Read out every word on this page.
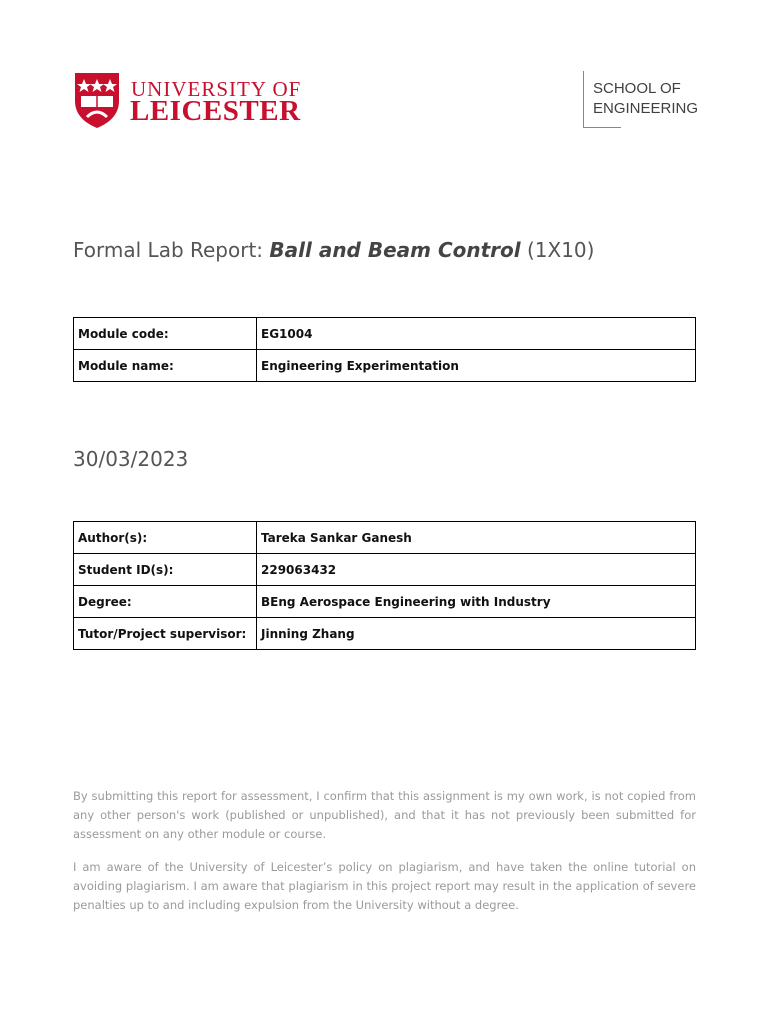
UNIVERSITY OF
LEICESTER
SCHOOL OF
ENGINEERING
Formal Lab Report: Ball and Beam Control (1X10)
Module code:	EG1004
Module name:	Engineering Experimentation
30/03/2023
Author(s):	Tareka Sankar Ganesh
Student ID(s):	229063432
Degree:	BEng Aerospace Engineering with Industry
Tutor/Project supervisor:	Jinning Zhang

By submitting this report for assessment, I confirm that this assignment is my own work, is not copied from any other person's work (published or unpublished), and that it has not previously been submitted for assessment on any other module or course.

I am aware of the University of Leicester’s policy on plagiarism, and have taken the online tutorial on avoiding plagiarism. I am aware that plagiarism in this project report may result in the application of severe penalties up to and including expulsion from the University without a degree.
